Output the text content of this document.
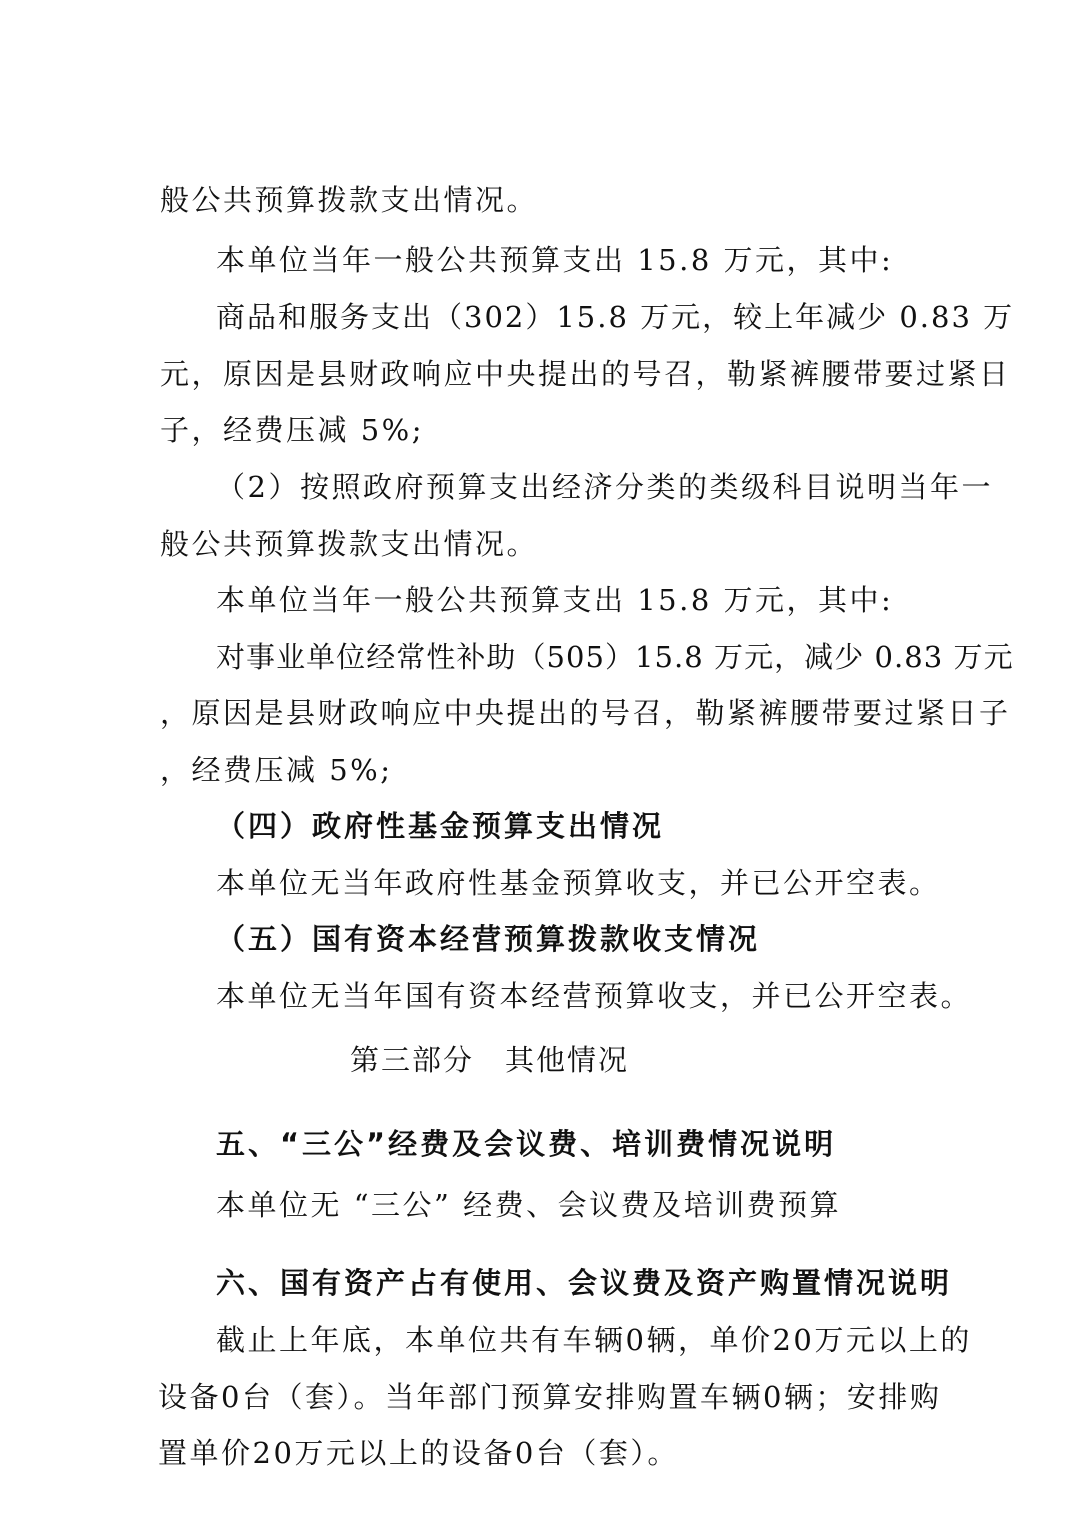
般公共预算拨款支出情况。

本单位当年一般公共预算支出 15.8 万元，其中:

商品和服务支出（302）15.8 万元，较上年减少 0.83 万

元，原因是县财政响应中央提出的号召，勒紧裤腰带要过紧日

子，经费压减 5%;

（2）按照政府预算支出经济分类的类级科目说明当年一

般公共预算拨款支出情况。

本单位当年一般公共预算支出 15.8 万元，其中:

对事业单位经常性补助（505）15.8 万元，减少 0.83 万元

，原因是县财政响应中央提出的号召，勒紧裤腰带要过紧日子

，经费压减 5%;

（四）政府性基金预算支出情况

本单位无当年政府性基金预算收支，并已公开空表。

（五）国有资本经营预算拨款收支情况

本单位无当年国有资本经营预算收支，并已公开空表。

第三部分　其他情况

五、“三公”经费及会议费、培训费情况说明

本单位无 “三公” 经费、会议费及培训费预算

六、国有资产占有使用、会议费及资产购置情况说明

截止上年底，本单位共有车辆0辆，单价20万元以上的

设备0台（套）。当年部门预算安排购置车辆0辆；安排购

置单价20万元以上的设备0台（套）。
